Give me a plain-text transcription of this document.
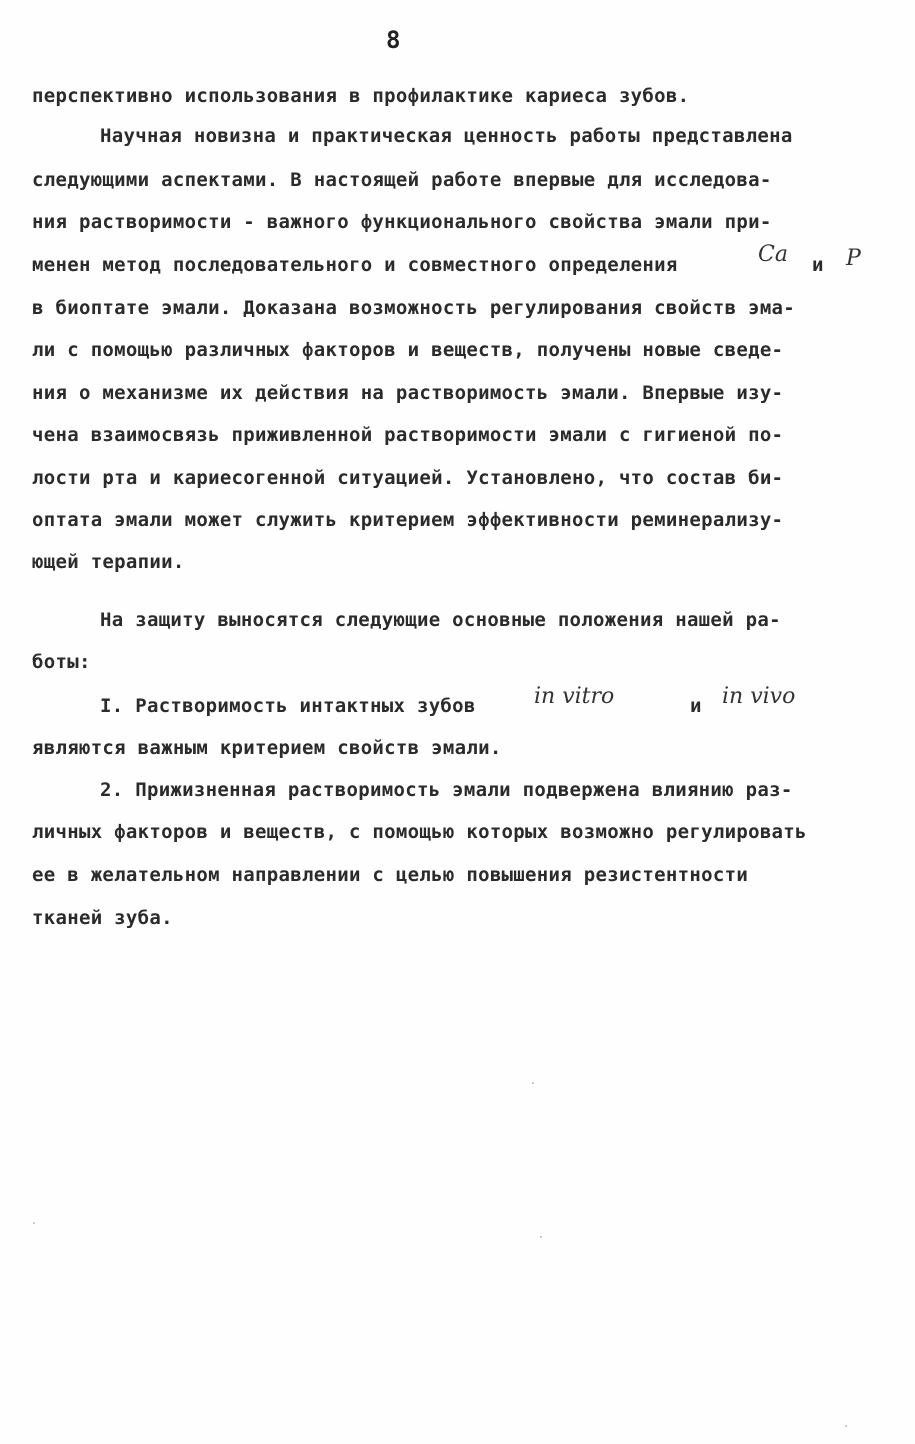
8
перспективно использования в профилактике кариеса зубов.
Научная новизна и практическая ценность работы представлена
следующими аспектами. В настоящей работе впервые для исследова-
ния растворимости - важного функционального свойства эмали при-
менен метод последовательного и совместного определения	Ca и	P
в биоптате эмали. Доказана возможность регулирования свойств эма-
ли с помощью различных факторов и веществ, получены новые сведе-
ния о механизме их действия на растворимость эмали. Впервые изу-
чена взаимосвязь приживленной растворимости эмали с гигиеной по-
лости рта и кариесогенной ситуацией. Установлено, что состав би-
оптата эмали может служить критерием эффективности реминерализу-
ющей терапии.
На защиту выносятся следующие основные положения нашей ра-
боты:
I. Растворимость интактных зубов	in vitro	и in vivo
являются важным критерием свойств эмали.
2. Прижизненная растворимость эмали подвержена влиянию раз-
личных факторов и веществ, с помощью которых возможно регулировать
ее в желательном направлении с целью повышения резистентности
тканей зуба.
